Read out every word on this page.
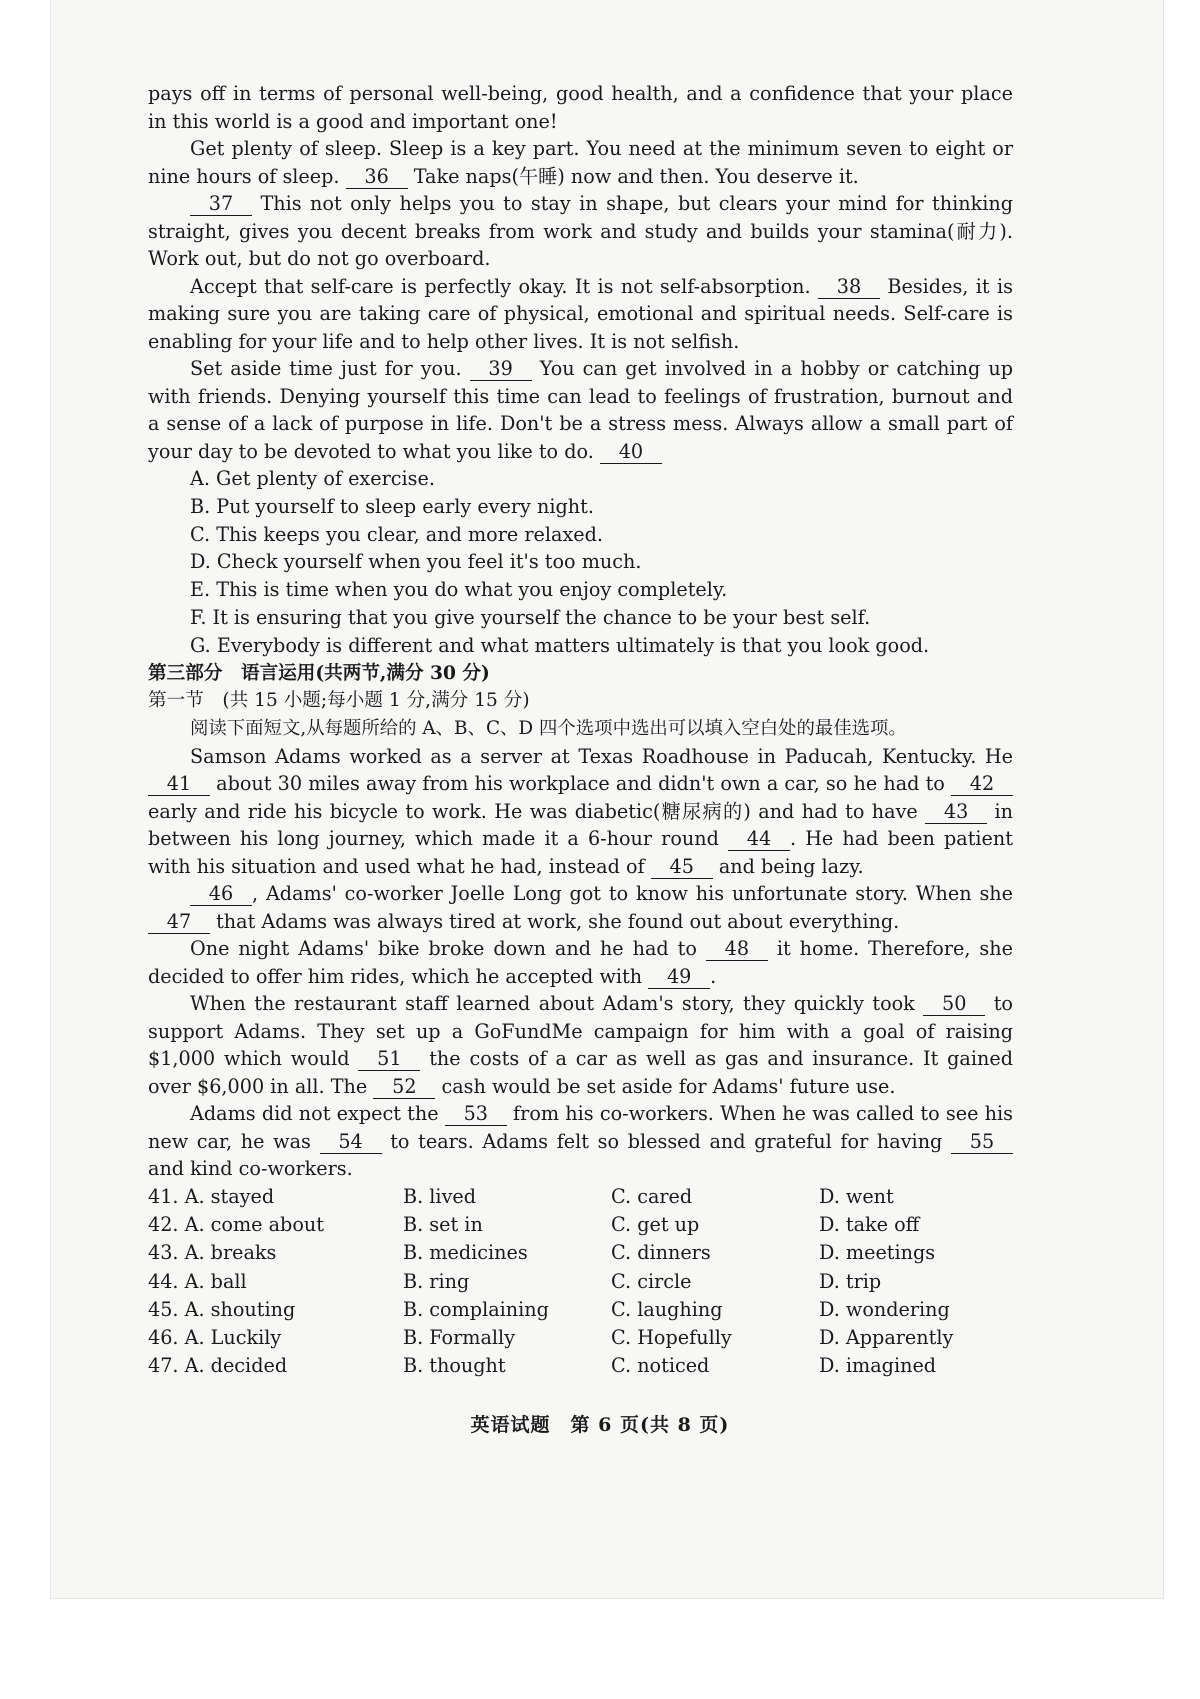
pays off in terms of personal well-being, good health, and a confidence that your place in this world is a good and important one!

Get plenty of sleep. Sleep is a key part. You need at the minimum seven to eight or nine hours of sleep. 36 Take naps(午睡) now and then. You deserve it.

37 This not only helps you to stay in shape, but clears your mind for thinking straight, gives you decent breaks from work and study and builds your stamina(耐力). Work out, but do not go overboard.

Accept that self-care is perfectly okay. It is not self-absorption. 38 Besides, it is making sure you are taking care of physical, emotional and spiritual needs. Self-care is enabling for your life and to help other lives. It is not selfish.

Set aside time just for you. 39 You can get involved in a hobby or catching up with friends. Denying yourself this time can lead to feelings of frustration, burnout and a sense of a lack of purpose in life. Don't be a stress mess. Always allow a small part of your day to be devoted to what you like to do. 40

A. Get plenty of exercise.
B. Put yourself to sleep early every night.
C. This keeps you clear, and more relaxed.
D. Check yourself when you feel it's too much.
E. This is time when you do what you enjoy completely.
F. It is ensuring that you give yourself the chance to be your best self.
G. Everybody is different and what matters ultimately is that you look good.
第三部分　语言运用(共两节,满分 30 分)
第一节　(共 15 小题;每小题 1 分,满分 15 分)
阅读下面短文,从每题所给的 A、B、C、D 四个选项中选出可以填入空白处的最佳选项。

Samson Adams worked as a server at Texas Roadhouse in Paducah, Kentucky. He 41 about 30 miles away from his workplace and didn't own a car, so he had to 42 early and ride his bicycle to work. He was diabetic(糖尿病的) and had to have 43 in between his long journey, which made it a 6-hour round 44 . He had been patient with his situation and used what he had, instead of 45 and being lazy.

46 , Adams' co-worker Joelle Long got to know his unfortunate story. When she 47 that Adams was always tired at work, she found out about everything.

One night Adams' bike broke down and he had to 48 it home. Therefore, she decided to offer him rides, which he accepted with 49 .

When the restaurant staff learned about Adam's story, they quickly took 50 to support Adams. They set up a GoFundMe campaign for him with a goal of raising $1,000 which would 51 the costs of a car as well as gas and insurance. It gained over $6,000 in all. The 52 cash would be set aside for Adams' future use.

Adams did not expect the 53 from his co-workers. When he was called to see his new car, he was 54 to tears. Adams felt so blessed and grateful for having 55 and kind co-workers.

41. A. stayed	B. lived	C. cared	D. went
42. A. come about	B. set in	C. get up	D. take off
43. A. breaks	B. medicines	C. dinners	D. meetings
44. A. ball	B. ring	C. circle	D. trip
45. A. shouting	B. complaining	C. laughing	D. wondering
46. A. Luckily	B. Formally	C. Hopefully	D. Apparently
47. A. decided	B. thought	C. noticed	D. imagined
英语试题　第 6 页(共 8 页)
